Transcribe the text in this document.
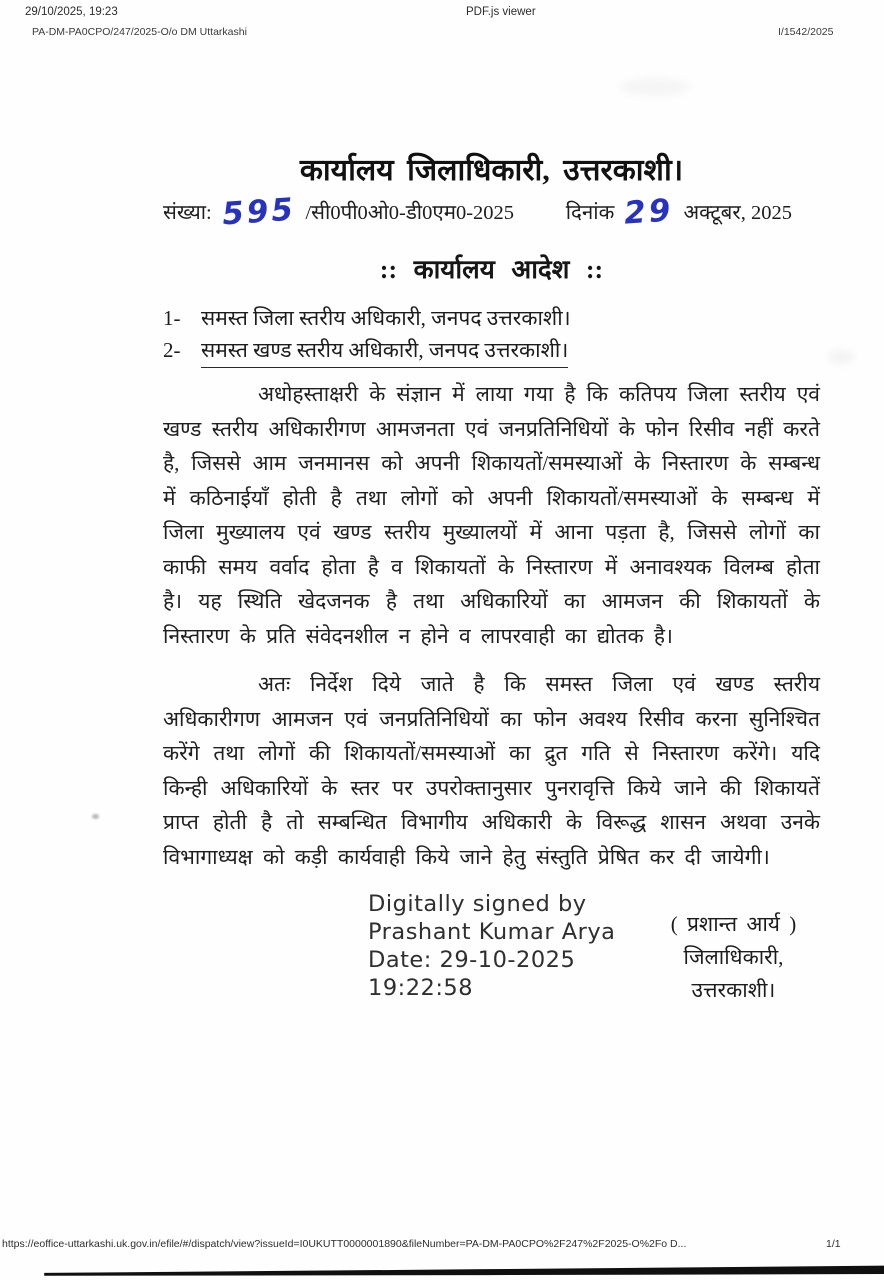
29/10/2025, 19:23	PDF.js viewer
PA-DM-PA0CPO/247/2025-O/o DM Uttarkashi	I/1542/2025
कार्यालय जिलाधिकारी, उत्तरकाशी।
संख्या: 595 /सी0पी0ओ0-डी0एम0-2025	दिनांक 29 अक्टूबर, 2025
:: कार्यालय आदेश ::
1- समस्त जिला स्तरीय अधिकारी, जनपद उत्तरकाशी।
2- समस्त खण्ड स्तरीय अधिकारी, जनपद उत्तरकाशी।

अधोहस्ताक्षरी के संज्ञान में लाया गया है कि कतिपय जिला स्तरीय एवं खण्ड स्तरीय अधिकारीगण आमजनता एवं जनप्रतिनिधियों के फोन रिसीव नहीं करते है, जिससे आम जनमानस को अपनी शिकायतों/समस्याओं के निस्तारण के सम्बन्ध में कठिनाईयाँ होती है तथा लोगों को अपनी शिकायतों/समस्याओं के सम्बन्ध में जिला मुख्यालय एवं खण्ड स्तरीय मुख्यालयों में आना पड़ता है, जिससे लोगों का काफी समय वर्वाद होता है व शिकायतों के निस्तारण में अनावश्यक विलम्ब होता है। यह स्थिति खेदजनक है तथा अधिकारियों का आमजन की शिकायतों के निस्तारण के प्रति संवेदनशील न होने व लापरवाही का द्योतक है।

अतः निर्देश दिये जाते है कि समस्त जिला एवं खण्ड स्तरीय अधिकारीगण आमजन एवं जनप्रतिनिधियों का फोन अवश्य रिसीव करना सुनिश्चित करेंगे तथा लोगों की शिकायतों/समस्याओं का द्रुत गति से निस्तारण करेंगे। यदि किन्ही अधिकारियों के स्तर पर उपरोक्तानुसार पुनरावृत्ति किये जाने की शिकायतें प्राप्त होती है तो सम्बन्धित विभागीय अधिकारी के विरूद्ध शासन अथवा उनके विभागाध्यक्ष को कड़ी कार्यवाही किये जाने हेतु संस्तुति प्रेषित कर दी जायेगी।

Digitally signed by
Prashant Kumar Arya
Date: 29-10-2025
19:22:58
( प्रशान्त आर्य )
जिलाधिकारी,
उत्तरकाशी।
https://eoffice-uttarkashi.uk.gov.in/efile/#/dispatch/view?issueId=I0UKUTT0000001890&fileNumber=PA-DM-PA0CPO%2F247%2F2025-O%2Fo D...	1/1
